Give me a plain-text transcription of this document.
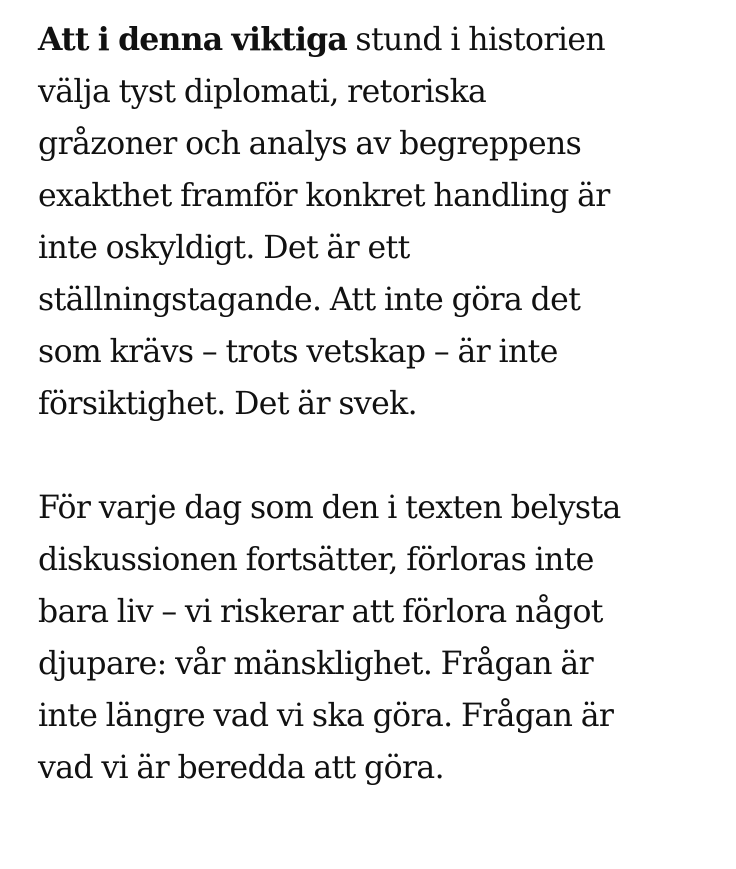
Att i denna viktiga stund i historien
välja tyst diplomati, retoriska
gråzoner och analys av begreppens
exakthet framför konkret handling är
inte oskyldigt. Det är ett
ställningstagande. Att inte göra det
som krävs – trots vetskap – är inte
försiktighet. Det är svek.

För varje dag som den i texten belysta
diskussionen fortsätter, förloras inte
bara liv – vi riskerar att förlora något
djupare: vår mänsklighet. Frågan är
inte längre vad vi ska göra. Frågan är
vad vi är beredda att göra.
